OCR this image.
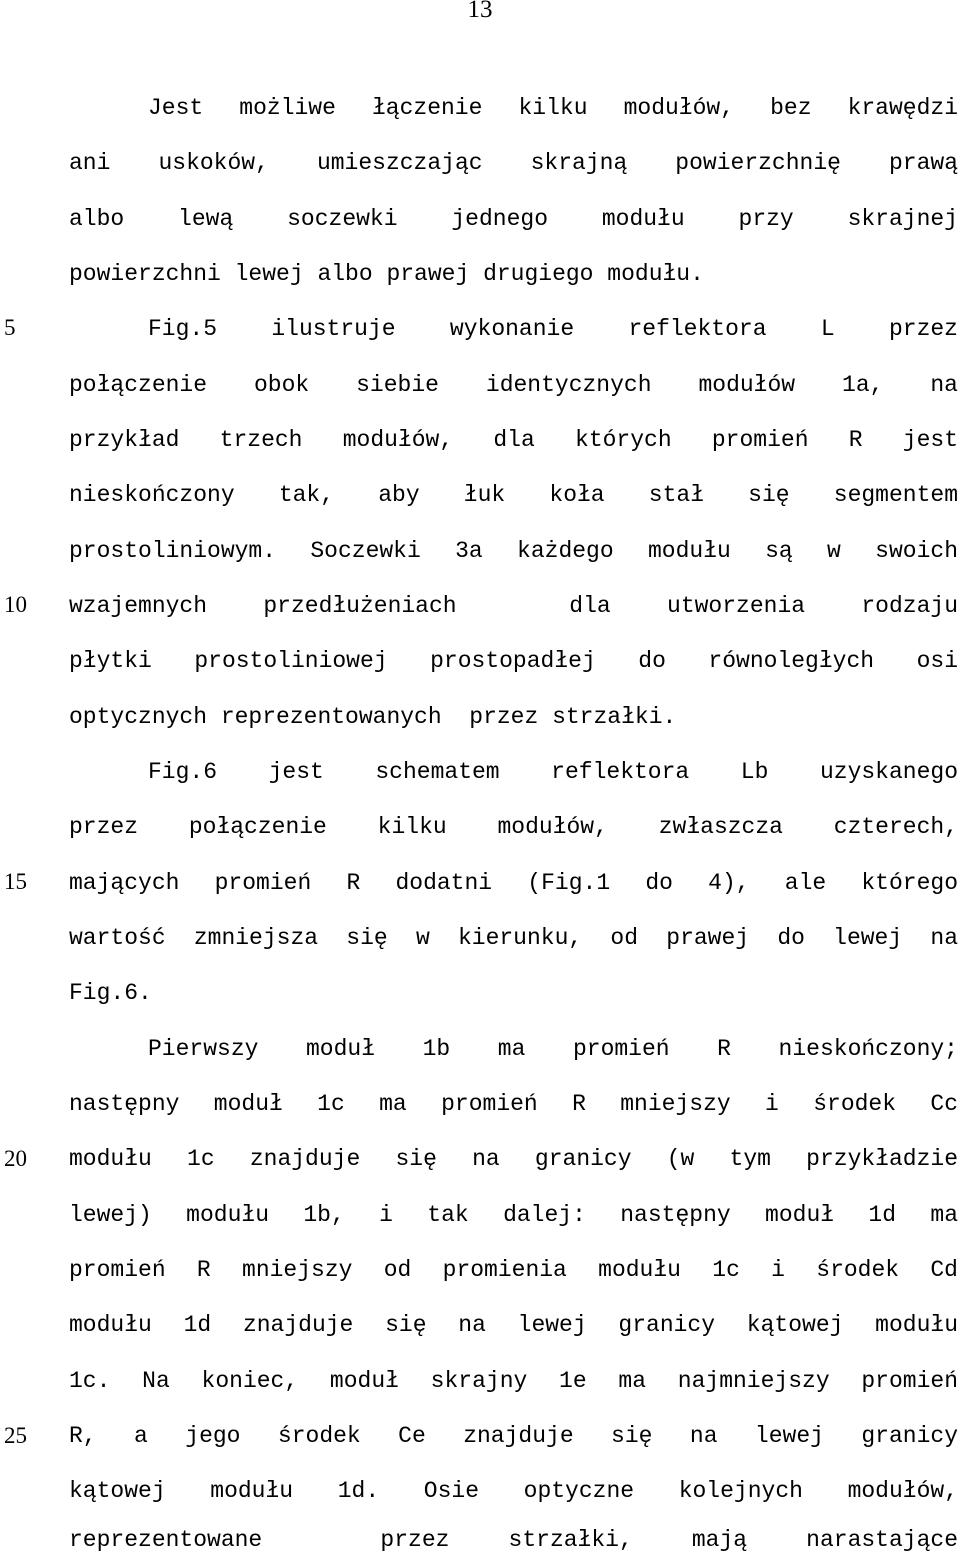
13
5
10
15
20
25

Jest możliwe łączenie kilku modułów, bez krawędzi

ani uskoków, umieszczając skrajną powierzchnię prawą

albo lewą soczewki jednego modułu przy skrajnej

powierzchni lewej albo prawej drugiego modułu.

Fig.5 ilustruje wykonanie reflektora L przez

połączenie obok siebie identycznych modułów 1a, na

przykład trzech modułów, dla których promień R jest

nieskończony tak, aby łuk koła stał się segmentem

prostoliniowym. Soczewki 3a każdego modułu są w swoich

wzajemnych przedłużeniach  dla utworzenia rodzaju

płytki prostoliniowej prostopadłej do równoległych osi

optycznych reprezentowanych  przez strzałki.

Fig.6 jest schematem reflektora Lb uzyskanego

przez połączenie kilku modułów, zwłaszcza czterech,

mających promień R dodatni (Fig.1 do 4), ale którego

wartość zmniejsza się w kierunku, od prawej do lewej na

Fig.6.

Pierwszy moduł 1b ma promień R nieskończony;

następny moduł 1c ma promień R mniejszy i środek Cc

modułu 1c znajduje się na granicy (w tym przykładzie

lewej) modułu 1b, i tak dalej: następny moduł 1d ma

promień R mniejszy od promienia modułu 1c i środek Cd

modułu 1d znajduje się na lewej granicy kątowej modułu

1c. Na koniec, moduł skrajny 1e ma najmniejszy promień

R, a jego środek Ce znajduje się na lewej granicy

kątowej modułu 1d. Osie optyczne kolejnych modułów,

reprezentowane  przez strzałki, mają narastające
